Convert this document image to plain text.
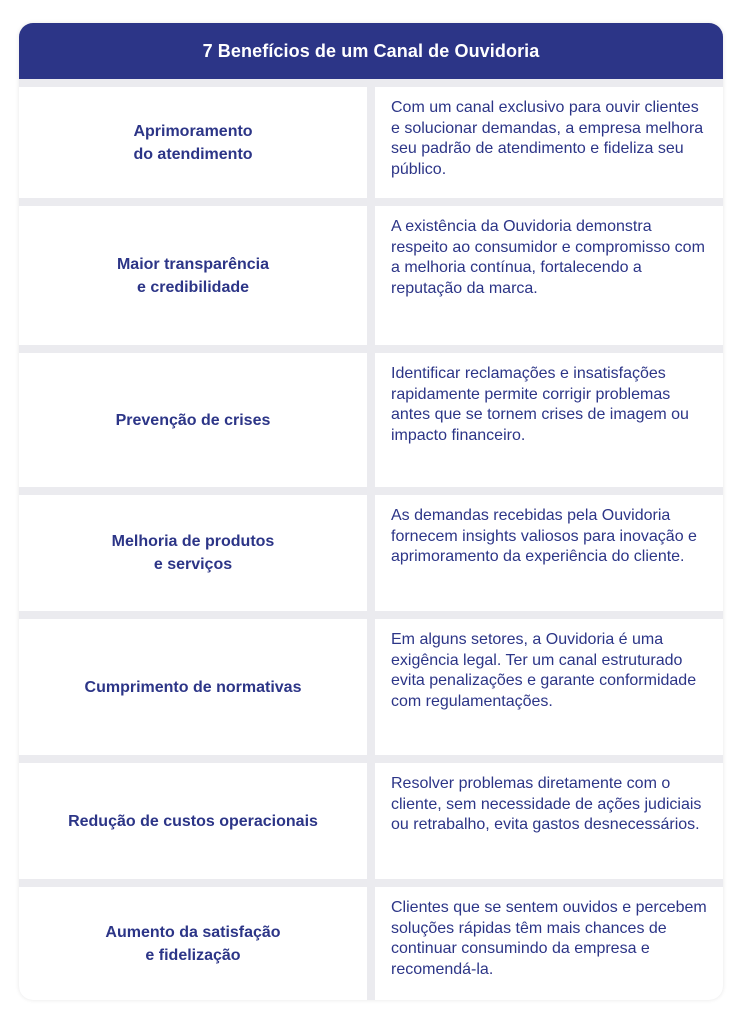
7 Benefícios de um Canal de Ouvidoria
Aprimoramento
do atendimento
Com um canal exclusivo para ouvir clientes e solucionar demandas, a empresa melhora seu padrão de atendimento e fideliza seu público.
Maior transparência
e credibilidade
A existência da Ouvidoria demonstra respeito ao consumidor e compromisso com a melhoria contínua, fortalecendo a reputação da marca.
Prevenção de crises
Identificar reclamações e insatisfações rapidamente permite corrigir problemas antes que se tornem crises de imagem ou impacto financeiro.
Melhoria de produtos
e serviços
As demandas recebidas pela Ouvidoria fornecem insights valiosos para inovação e aprimoramento da experiência do cliente.
Cumprimento de normativas
Em alguns setores, a Ouvidoria é uma exigência legal. Ter um canal estruturado evita penalizações e garante conformidade com regulamentações.
Redução de custos operacionais
Resolver problemas diretamente com o cliente, sem necessidade de ações judiciais ou retrabalho, evita gastos desnecessários.
Aumento da satisfação
e fidelização
Clientes que se sentem ouvidos e percebem soluções rápidas têm mais chances de continuar consumindo da empresa e recomendá-la.
